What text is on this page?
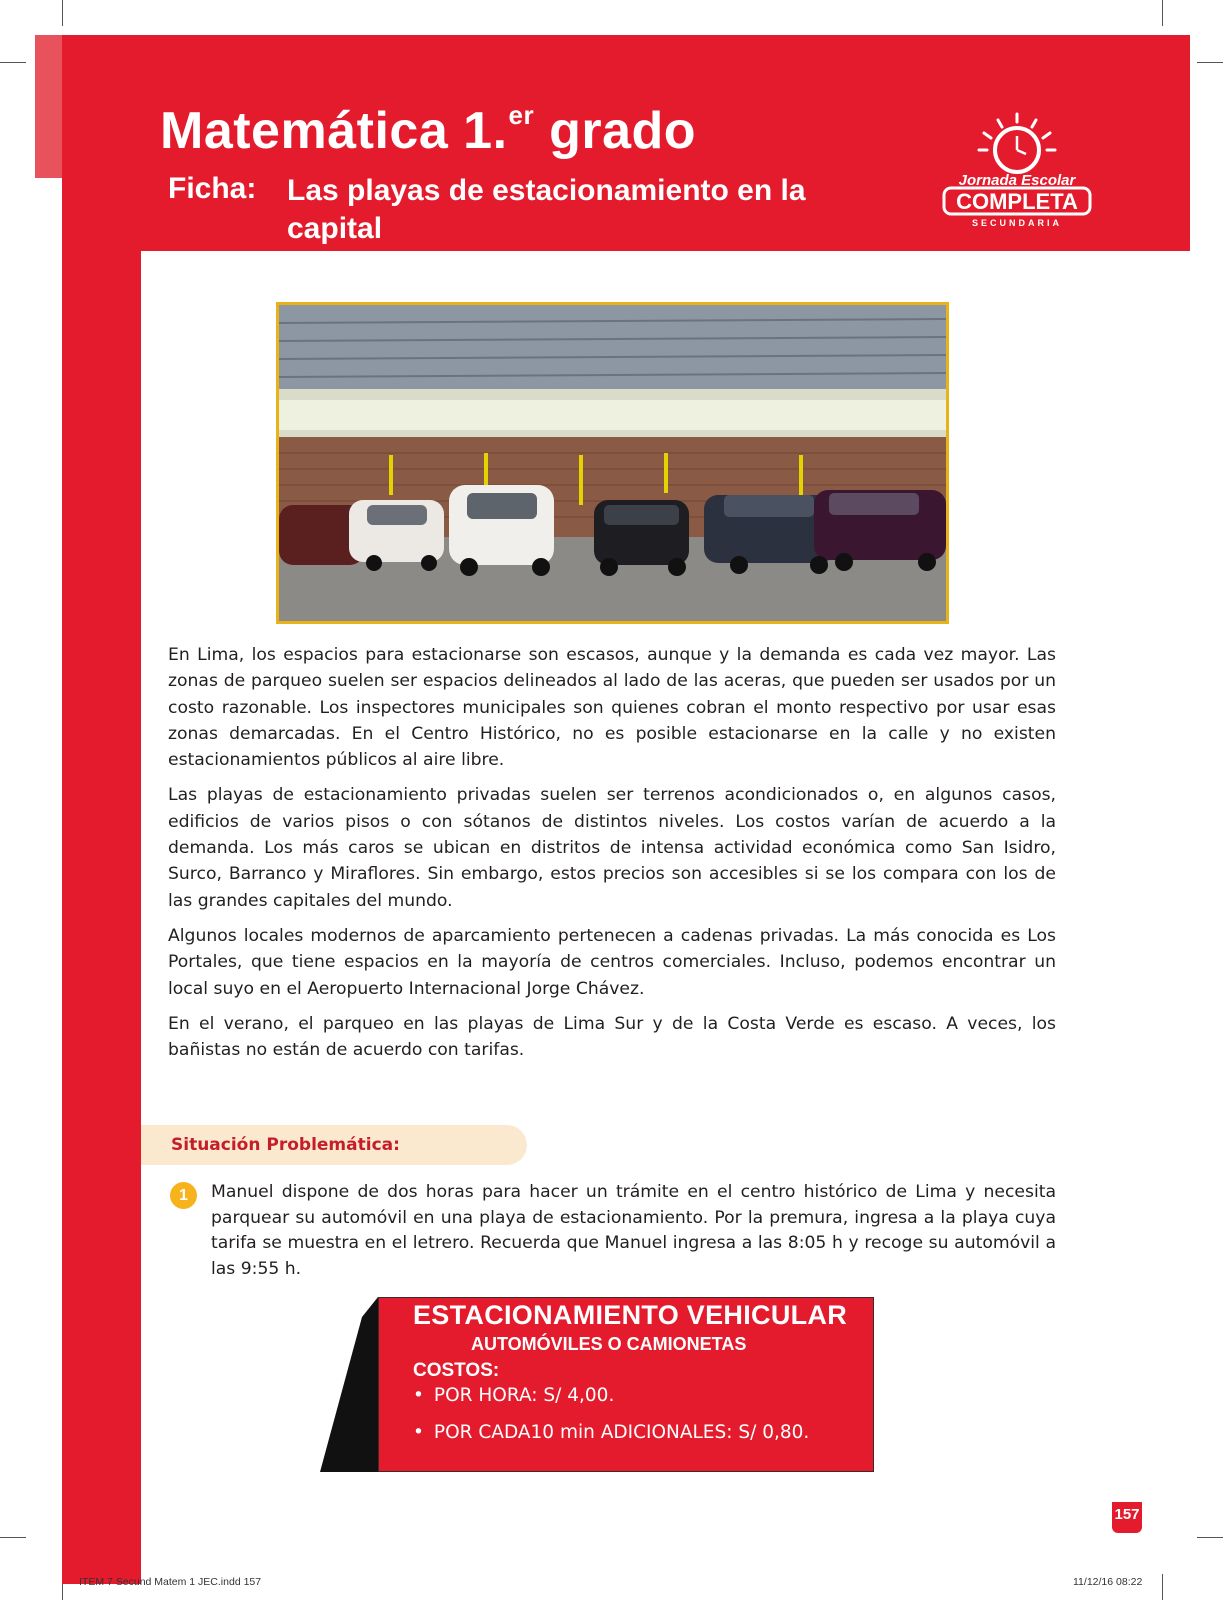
Matemática 1.$^{er}$ grado
Ficha: Las playas de estacionamiento en la capital
Jornada Escolar
COMPLETA
SECUNDARIA

En Lima, los espacios para estacionarse son escasos, aunque y la demanda es cada vez mayor. Las zonas de parqueo suelen ser espacios delineados al lado de las aceras, que pueden ser usados por un costo razonable. Los inspectores municipales son quienes cobran el monto respectivo por usar esas zonas demarcadas. En el Centro Histórico, no es posible estacionarse en la calle y no existen estacionamientos públicos al aire libre.

Las playas de estacionamiento privadas suelen ser terrenos acondicionados o, en algunos casos, edificios de varios pisos o con sótanos de distintos niveles. Los costos varían de acuerdo a la demanda. Los más caros se ubican en distritos de intensa actividad económica como San Isidro, Surco, Barranco y Miraflores. Sin embargo, estos precios son accesibles si se los compara con los de las grandes capitales del mundo.

Algunos locales modernos de aparcamiento pertenecen a cadenas privadas. La más conocida es Los Portales, que tiene espacios en la mayoría de centros comerciales. Incluso, podemos encontrar un local suyo en el Aeropuerto Internacional Jorge Chávez.

En el verano, el parqueo en las playas de Lima Sur y de la Costa Verde es escaso. A veces, los bañistas no están de acuerdo con tarifas.

Situación Problemática:
1	Manuel dispone de dos horas para hacer un trámite en el centro histórico de Lima y necesita parquear su automóvil en una playa de estacionamiento. Por la premura, ingresa a la playa cuya tarifa se muestra en el letrero. Recuerda que Manuel ingresa a las 8:05 h y recoge su automóvil a las 9:55 h.
ESTACIONAMIENTO VEHICULAR
AUTOMÓVILES O CAMIONETAS
COSTOS:
• POR HORA: S/ 4,00.
• POR CADA10 min ADICIONALES: S/ 0,80.
157
ITEM 7 Secund Matem 1 JEC.indd 157	11/12/16 08:22
